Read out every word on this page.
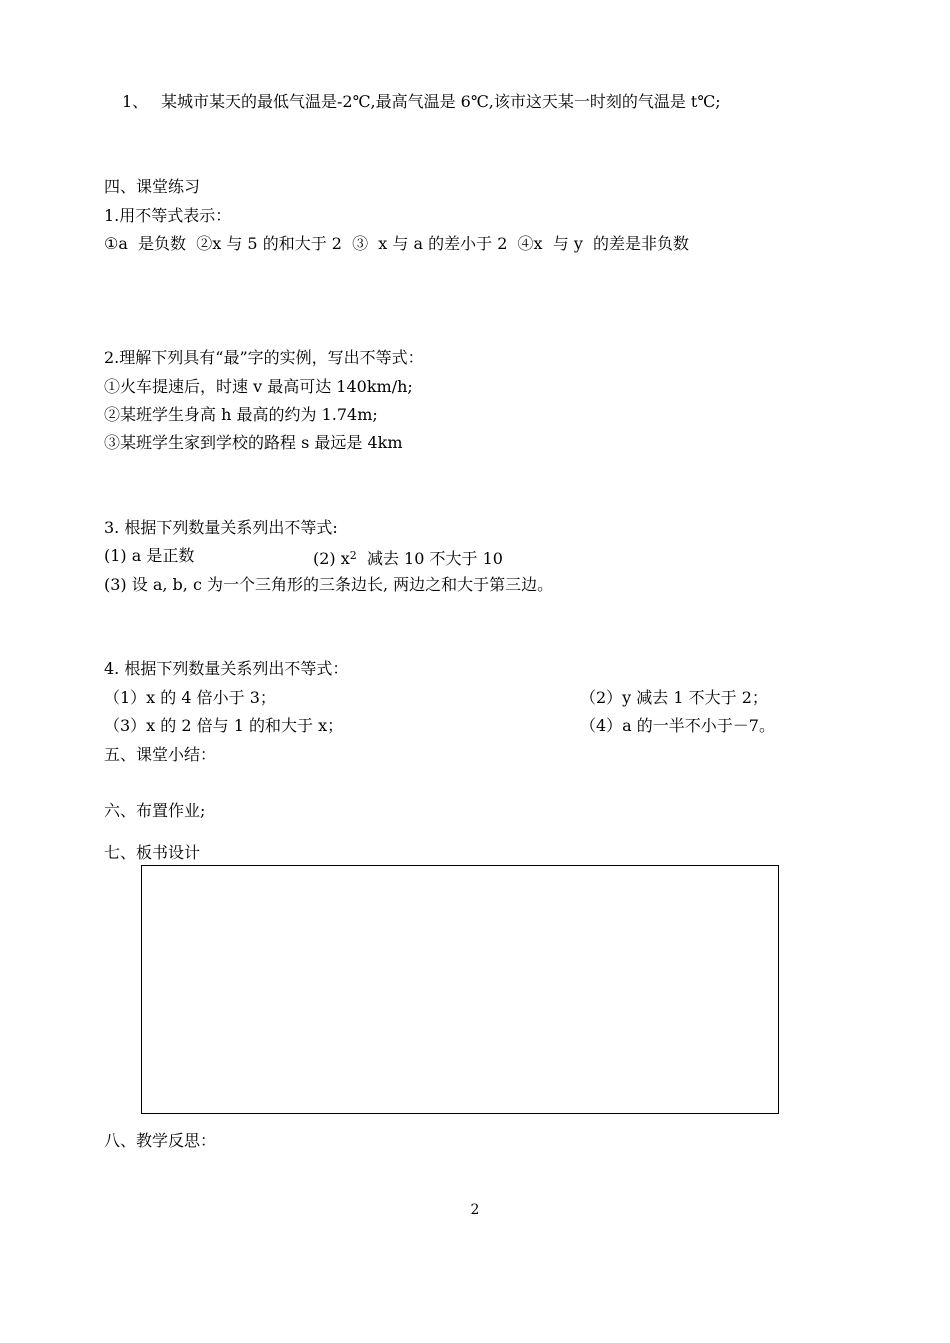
1、 某城市某天的最低气温是-2℃,最高气温是 6℃,该市这天某一时刻的气温是 t℃;
四、课堂练习
1.用不等式表示：
①a  是负数  ②x 与 5 的和大于 2  ③  x 与 a 的差小于 2  ④x  与 y  的差是非负数
2.理解下列具有“最”字的实例，写出不等式：
①火车提速后，时速 v 最高可达 140km/h;
②某班学生身高 h 最高的约为 1.74m;
③某班学生家到学校的路程 s 最远是 4km
3. 根据下列数量关系列出不等式:
(1) a 是正数	(2) $x^2$  减去 10 不大于 10
(3) 设 a, b, c 为一个三角形的三条边长, 两边之和大于第三边。
4. 根据下列数量关系列出不等式：
（1）x 的 4 倍小于 3；	（2）y 减去 1 不大于 2；
（3）x 的 2 倍与 1 的和大于 x；	（4）a 的一半不小于－7。
五、课堂小结：
六、布置作业;
七、板书设计
八、教学反思：
2
